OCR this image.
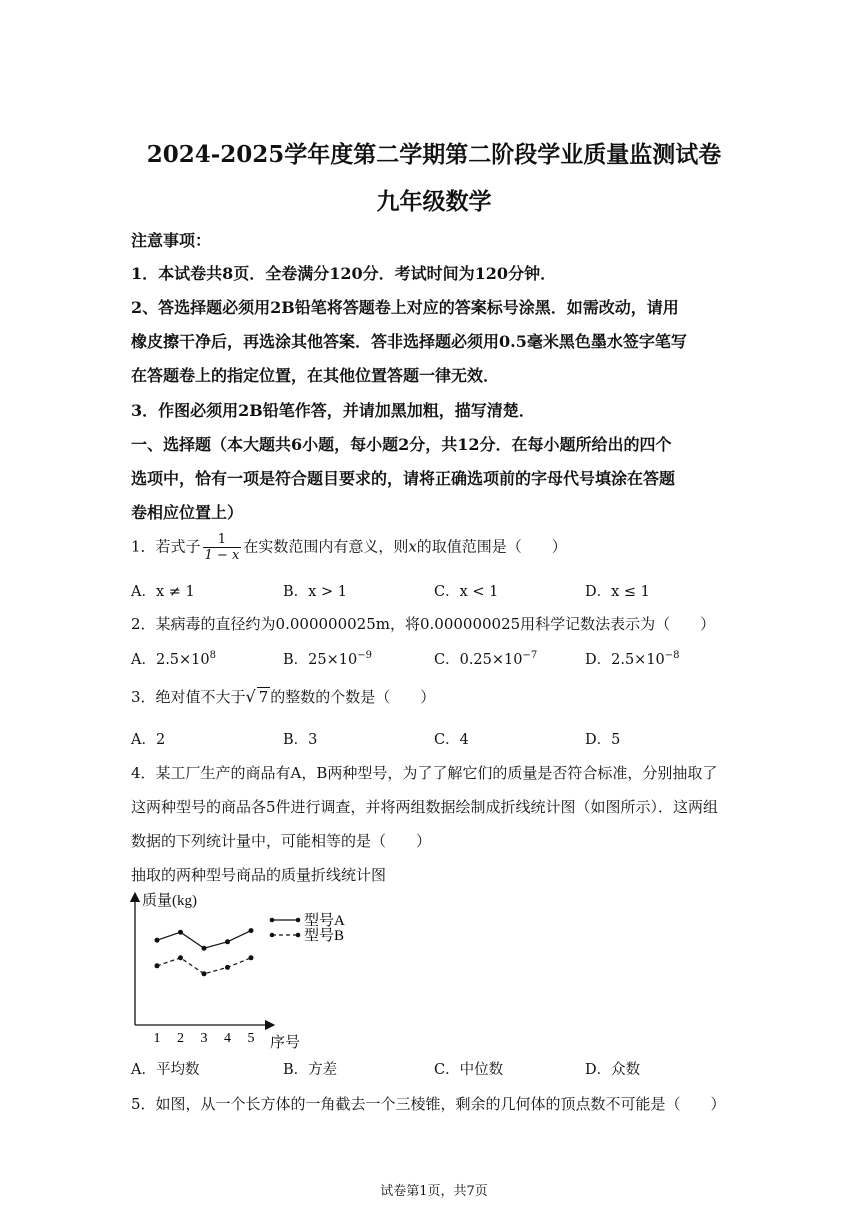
2024-2025学年度第二学期第二阶段学业质量监测试卷
九年级数学
注意事项：
1．本试卷共8页．全卷满分120分．考试时间为120分钟．
2、答选择题必须用2B铅笔将答题卷上对应的答案标号涂黑．如需改动，请用
橡皮擦干净后，再选涂其他答案．答非选择题必须用0.5毫米黑色墨水签字笔写
在答题卷上的指定位置，在其他位置答题一律无效．
3．作图必须用2B铅笔作答，并请加黑加粗，描写清楚．
一、选择题（本大题共6小题，每小题2分，共12分．在每小题所给出的四个
选项中，恰有一项是符合题目要求的，请将正确选项前的字母代号填涂在答题
卷相应位置上）
1．若式子 $\frac{1}{1 - x}$ 在实数范围内有意义，则x的取值范围是（　　）
A．x ≠ 1	B．x > 1	C．x < 1	D．x ≤ 1
2．某病毒的直径约为0.000000025m，将0.000000025用科学记数法表示为（　　）
A．$2.5\times 10^8$	B．$25\times 10^{-9}$	C．$0.25\times 10^{-7}$	D．$2.5\times 10^{-8}$
3．绝对值不大于√ 7 的整数的个数是（　　）
A．2	B．3	C．4	D．5
4．某工厂生产的商品有A，B两种型号，为了了解它们的质量是否符合标准，分别抽取了
这两种型号的商品各5件进行调查，并将两组数据绘制成折线统计图（如图所示）．这两组
数据的下列统计量中，可能相等的是（　　）
抽取的两种型号商品的质量折线统计图
质量(kg)
序号
1 2 3 4 5
型号A
型号B
A．平均数	B．方差	C．中位数	D．众数
5．如图，从一个长方体的一角截去一个三棱锥，剩余的几何体的顶点数不可能是（　　）
试卷第1页，共7页
